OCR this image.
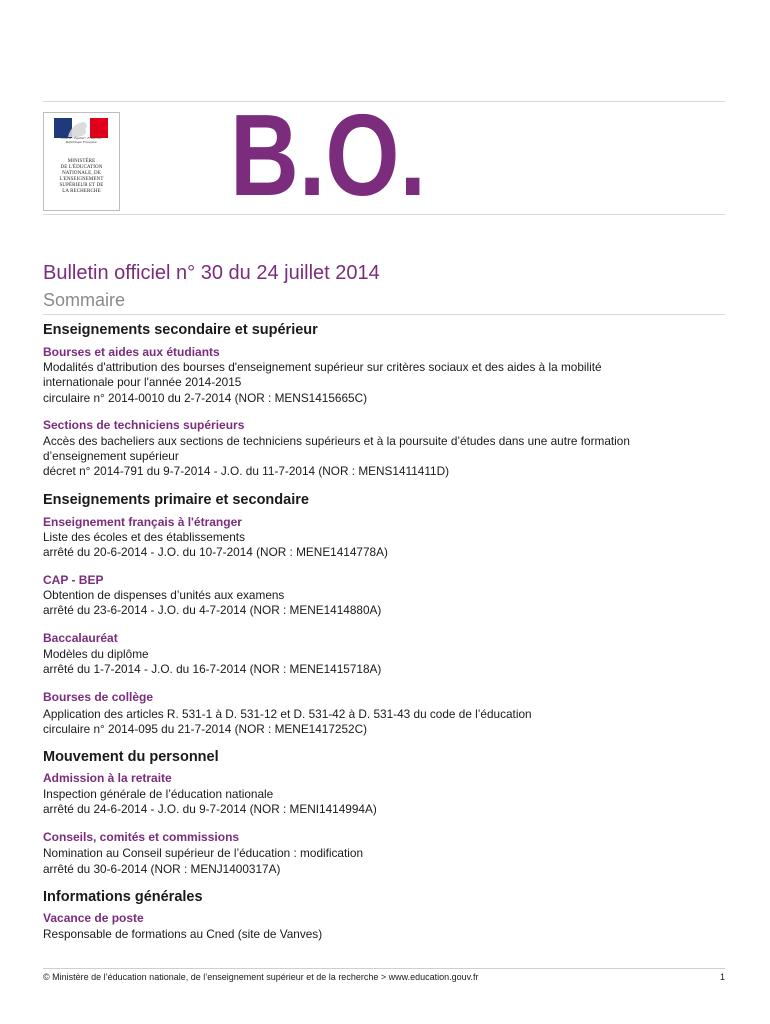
Liberté • Égalité • Fraternité
République Française
MINISTÈRE
DE L'ÉDUCATION
NATIONALE, DE
L'ENSEIGNEMENT
SUPÉRIEUR ET DE
LA RECHERCHE B.O.
Bulletin officiel n° 30 du 24 juillet 2014
Sommaire
Enseignements secondaire et supérieur
Bourses et aides aux étudiants
Modalités d'attribution des bourses d'enseignement supérieur sur critères sociaux et des aides à la mobilité
internationale pour l'année 2014-2015
circulaire n° 2014-0010 du 2-7-2014 (NOR : MENS1415665C)
Sections de techniciens supérieurs
Accès des bacheliers aux sections de techniciens supérieurs et à la poursuite d’études dans une autre formation
d’enseignement supérieur
décret n° 2014-791 du 9-7-2014 - J.O. du 11-7-2014 (NOR : MENS1411411D)
Enseignements primaire et secondaire
Enseignement français à l'étranger
Liste des écoles et des établissements
arrêté du 20-6-2014 - J.O. du 10-7-2014 (NOR : MENE1414778A)
CAP - BEP
Obtention de dispenses d’unités aux examens
arrêté du 23-6-2014 - J.O. du 4-7-2014 (NOR : MENE1414880A)
Baccalauréat
Modèles du diplôme
arrêté du 1-7-2014 - J.O. du 16-7-2014 (NOR : MENE1415718A)
Bourses de collège
Application des articles R. 531-1 à D. 531-12 et D. 531-42 à D. 531-43 du code de l’éducation
circulaire n° 2014-095 du 21-7-2014 (NOR : MENE1417252C)
Mouvement du personnel
Admission à la retraite
Inspection générale de l’éducation nationale
arrêté du 24-6-2014 - J.O. du 9-7-2014 (NOR : MENI1414994A)
Conseils, comités et commissions
Nomination au Conseil supérieur de l’éducation : modification
arrêté du 30-6-2014 (NOR : MENJ1400317A)
Informations générales
Vacance de poste
Responsable de formations au Cned (site de Vanves)
© Ministère de l’éducation nationale, de l’enseignement supérieur et de la recherche > www.education.gouv.fr	1
